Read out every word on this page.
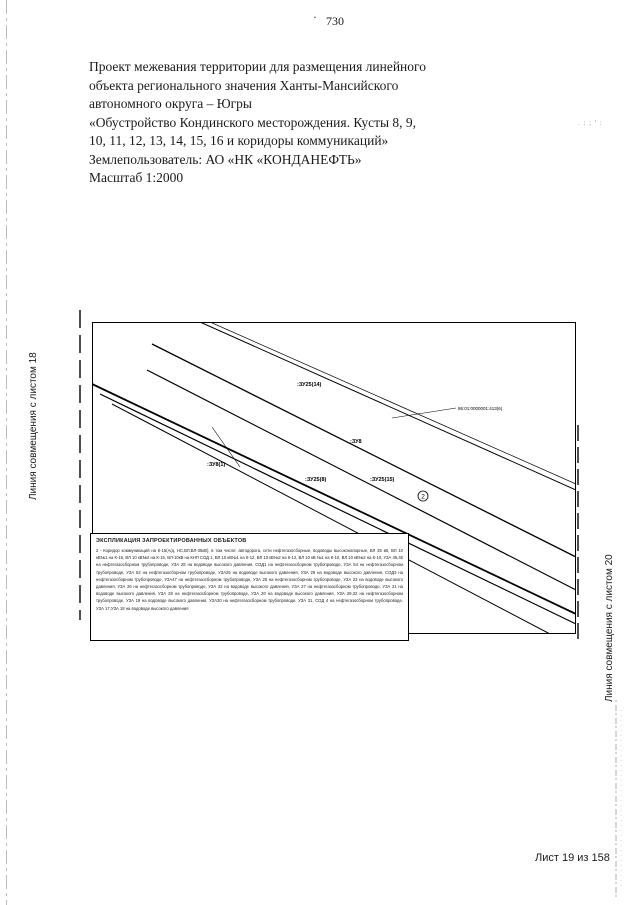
· 730
Проект межевания территории для размещения линейного
объекта регионального значения Ханты-Мансийского
автономного округа – Югры
«Обустройство Кондинского месторождения. Кусты 8, 9,
10, 11, 12, 13, 14, 15, 16 и коридоры коммуникаций»
Землепользователь: АО «НК «КОНДАНЕФТЬ»
Масштаб 1:2000
. : ; ' :
Линия совмещения с листом 18
Линия совмещения с листом 20
:ЗУ25(14)
:ЗУ8
:ЗУ8(1)
:ЗУ25(8)	:ЗУ25(15)
86:01:0000001:413(6)
2
ЭКСПЛИКАЦИЯ ЗАПРОЕКТИРОВАННЫХ ОБЪЕКТОВ
2 - Коридор коммуникаций на К-15(А/д, НС,ВЛ,ВЛ-35кВ), в том числе: автодорога, сети нефтегазосборные, водоводы высоконапорные, ВЛ 35 кВ, ВЛ 10 кВ№1 на К-15, ВЛ 10 кВ№2 на К-15, ВЛ-10кВ на КНП СОД 1, ВЛ 10 кВ№1 на К-12, ВЛ 10 кВ№2 на К-12, ВЛ 10 кВ №1 на К-10, ВЛ 10 кВ№2 на К-10, УЗА 45,46 на нефтегазосборном трубопроводе, УЗА 28 на водоводе высокого давления, СОД1 на нефтегазосборном трубопроводе, УЗА 54 на нефтегазосборном трубопроводе, УЗА 52 на нефтегазосборном трубопроводе, УЗА25 на водоводе высокого давления, УЗА 29 на водоводе высокого давления, СОД3 на нефтегазосборном трубопроводе, УЗА47 на нефтегазосборном трубопроводе, УЗА 25 на нефтегазосборном трубопроводе, УЗА 23 на водоводе высокого давления, УЗА 26 на нефтегазосборном трубопроводе, УЗА 32 на водоводе высокого давления, УЗА 27 на нефтегазосборном трубопроводе, УЗА 21 на водоводе высокого давления, УЗА 28 на нефтегазосборном трубопроводе, УЗА 20 на водоводе высокого давления, УЗА 29,32 на нефтегазосборном трубопроводе, УЗА 19 на водоводе высокого давления, УЗА30 на нефтегазосборном трубопроводе, УЗА 31, СОД 4 на нефтегазосборном трубопроводе, УЗА 17,УЗА 18 на водоводе высокого давления
Лист 19 из 158
